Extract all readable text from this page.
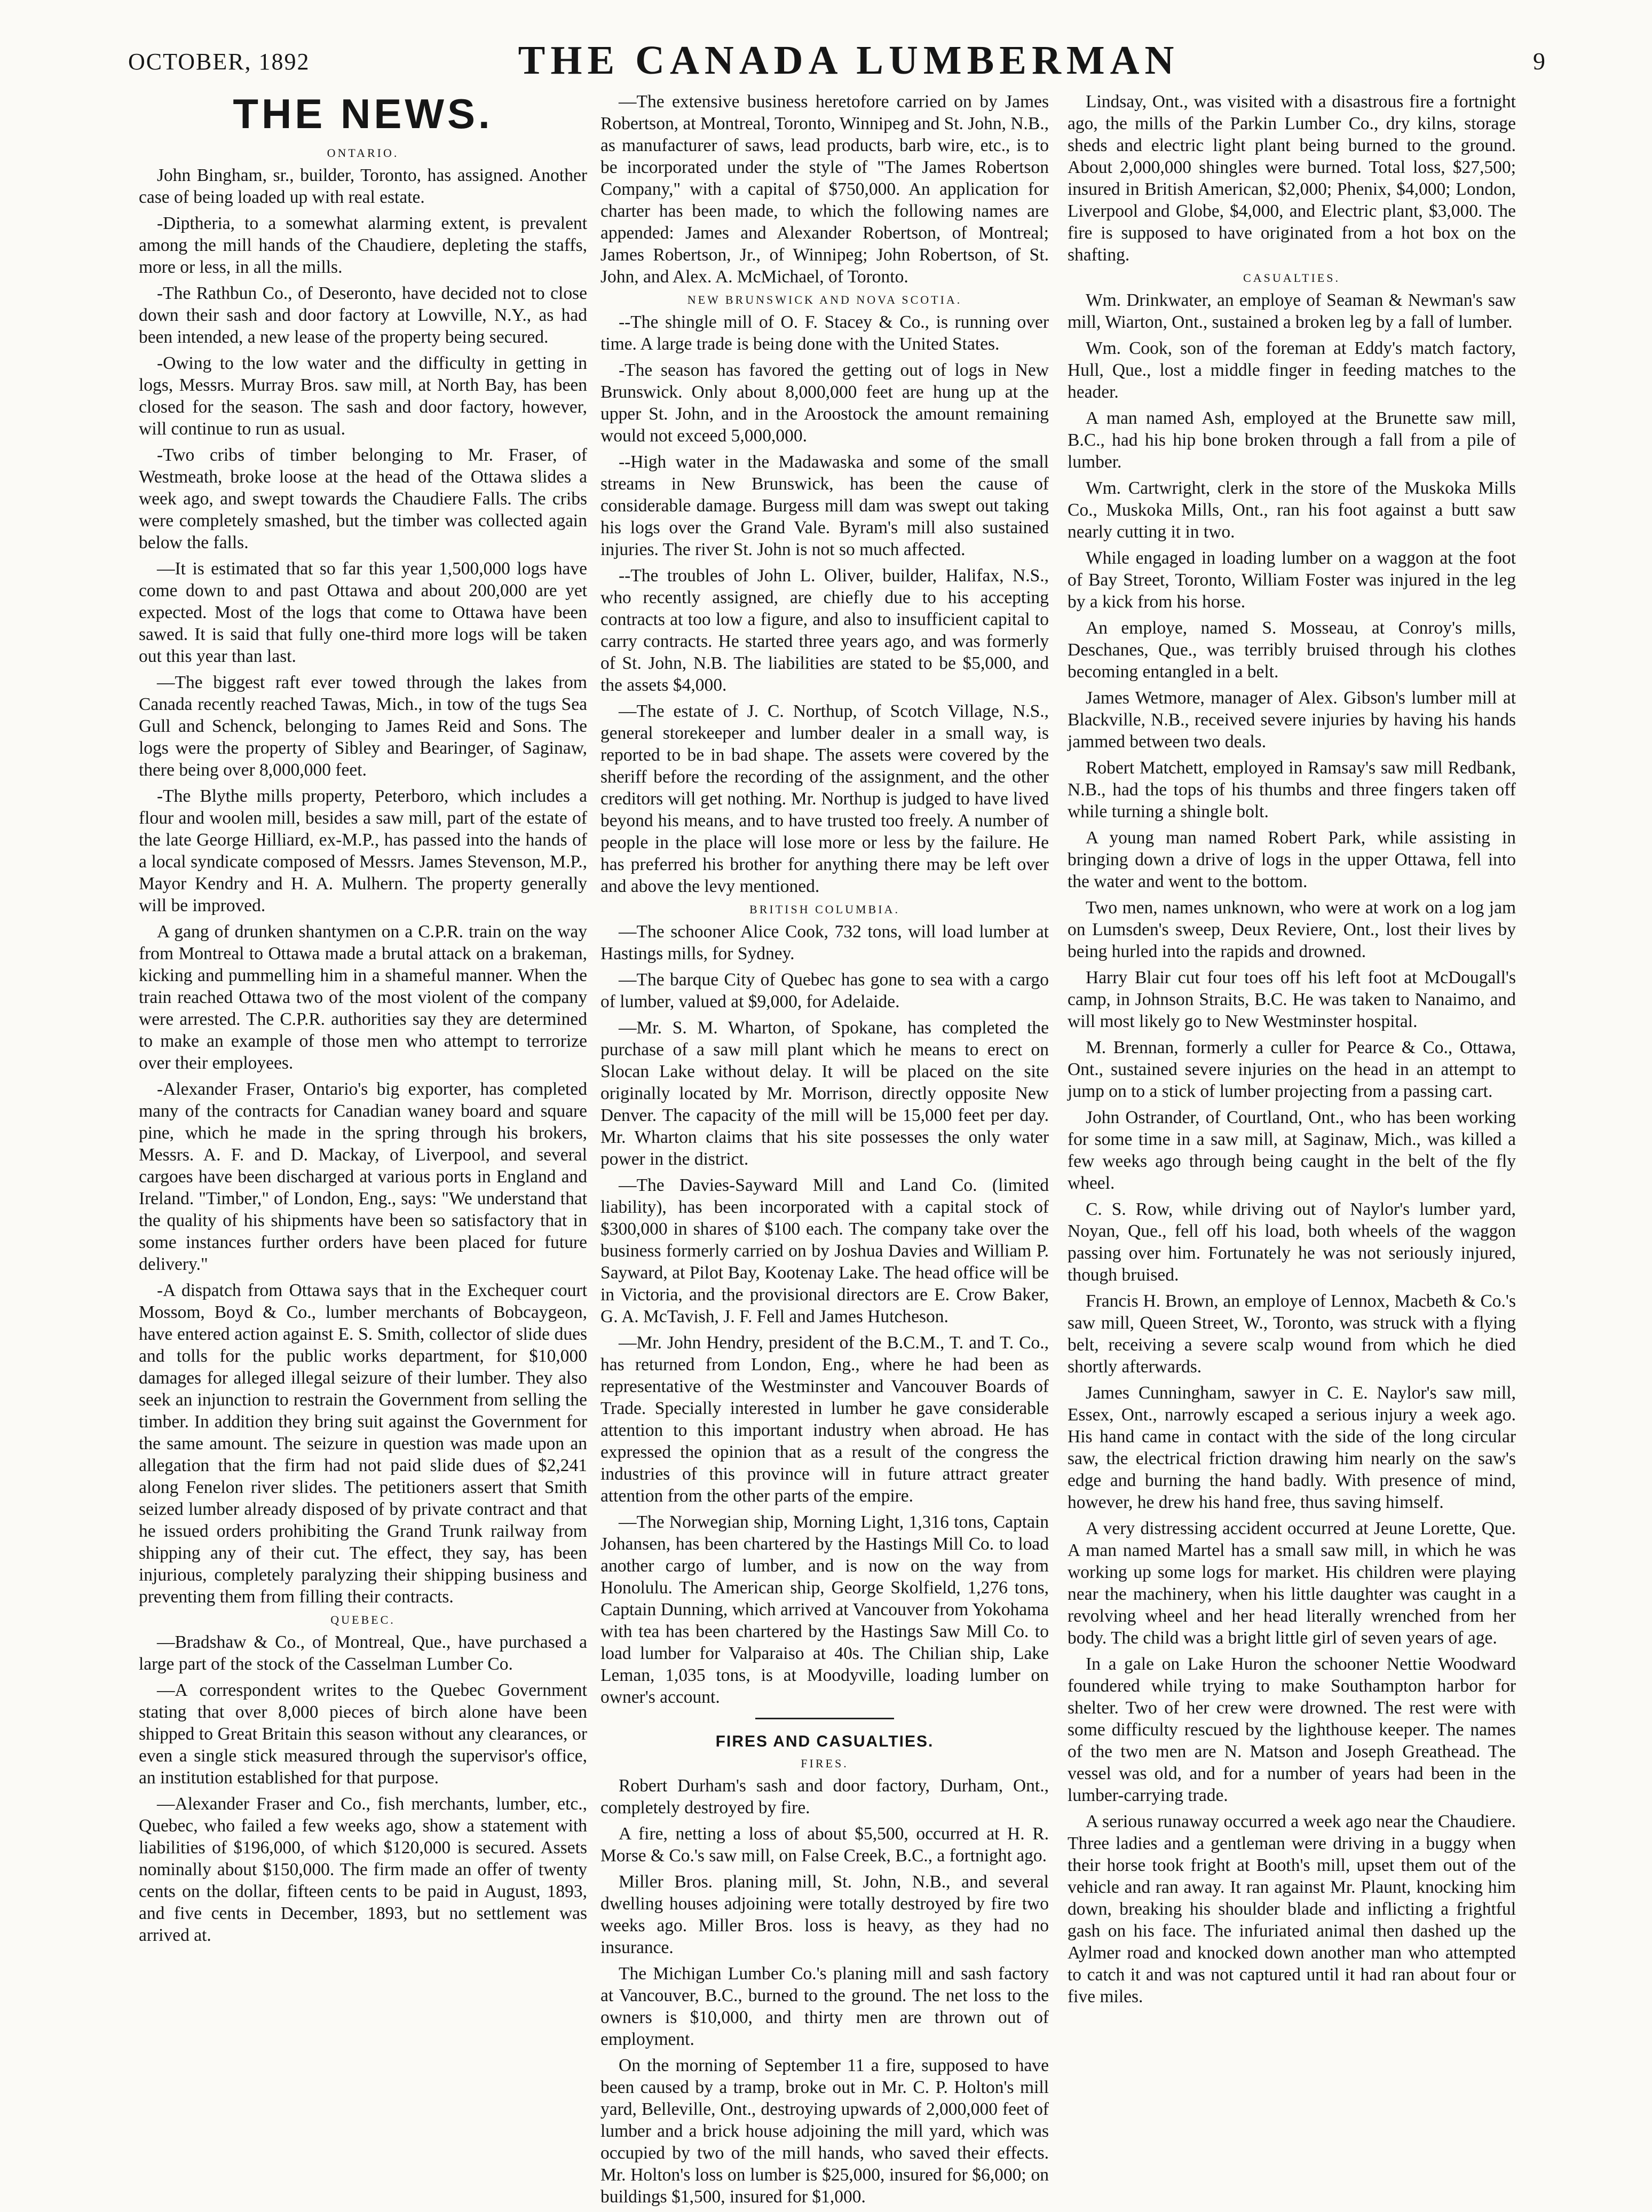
OCTOBER, 1892	THE CANADA LUMBERMAN	9
THE NEWS.
ONTARIO.

John Bingham, sr., builder, Toronto, has assigned. Another case of being loaded up with real estate.

-Diptheria, to a somewhat alarming extent, is prevalent among the mill hands of the Chaudiere, depleting the staffs, more or less, in all the mills.

-The Rathbun Co., of Deseronto, have decided not to close down their sash and door factory at Lowville, N.Y., as had been intended, a new lease of the property being secured.

-Owing to the low water and the difficulty in getting in logs, Messrs. Murray Bros. saw mill, at North Bay, has been closed for the season. The sash and door factory, however, will continue to run as usual.

-Two cribs of timber belonging to Mr. Fraser, of Westmeath, broke loose at the head of the Ottawa slides a week ago, and swept towards the Chaudiere Falls. The cribs were completely smashed, but the timber was collected again below the falls.

—It is estimated that so far this year 1,500,000 logs have come down to and past Ottawa and about 200,000 are yet expected. Most of the logs that come to Ottawa have been sawed. It is said that fully one-third more logs will be taken out this year than last.

—The biggest raft ever towed through the lakes from Canada recently reached Tawas, Mich., in tow of the tugs Sea Gull and Schenck, belonging to James Reid and Sons. The logs were the property of Sibley and Bearinger, of Saginaw, there being over 8,000,000 feet.

-The Blythe mills property, Peterboro, which includes a flour and woolen mill, besides a saw mill, part of the estate of the late George Hilliard, ex-M.P., has passed into the hands of a local syndicate composed of Messrs. James Stevenson, M.P., Mayor Kendry and H. A. Mulhern. The property generally will be improved.

A gang of drunken shantymen on a C.P.R. train on the way from Montreal to Ottawa made a brutal attack on a brakeman, kicking and pummelling him in a shameful manner. When the train reached Ottawa two of the most violent of the company were arrested. The C.P.R. authorities say they are determined to make an example of those men who attempt to terrorize over their employees.

-Alexander Fraser, Ontario's big exporter, has completed many of the contracts for Canadian waney board and square pine, which he made in the spring through his brokers, Messrs. A. F. and D. Mackay, of Liverpool, and several cargoes have been discharged at various ports in England and Ireland. "Timber," of London, Eng., says: "We understand that the quality of his shipments have been so satisfactory that in some instances further orders have been placed for future delivery."

-A dispatch from Ottawa says that in the Exchequer court Mossom, Boyd & Co., lumber merchants of Bobcaygeon, have entered action against E. S. Smith, collector of slide dues and tolls for the public works department, for $10,000 damages for alleged illegal seizure of their lumber. They also seek an injunction to restrain the Government from selling the timber. In addition they bring suit against the Government for the same amount. The seizure in question was made upon an allegation that the firm had not paid slide dues of $2,241 along Fenelon river slides. The petitioners assert that Smith seized lumber already disposed of by private contract and that he issued orders prohibiting the Grand Trunk railway from shipping any of their cut. The effect, they say, has been injurious, completely paralyzing their shipping business and preventing them from filling their contracts.

QUEBEC.

—Bradshaw & Co., of Montreal, Que., have purchased a large part of the stock of the Casselman Lumber Co.

—A correspondent writes to the Quebec Government stating that over 8,000 pieces of birch alone have been shipped to Great Britain this season without any clearances, or even a single stick measured through the supervisor's office, an institution established for that purpose.

—Alexander Fraser and Co., fish merchants, lumber, etc., Quebec, who failed a few weeks ago, show a statement with liabilities of $196,000, of which $120,000 is secured. Assets nominally about $150,000. The firm made an offer of twenty cents on the dollar, fifteen cents to be paid in August, 1893, and five cents in December, 1893, but no settlement was arrived at.

—The extensive business heretofore carried on by James Robertson, at Montreal, Toronto, Winnipeg and St. John, N.B., as manufacturer of saws, lead products, barb wire, etc., is to be incorporated under the style of "The James Robertson Company," with a capital of $750,000. An application for charter has been made, to which the following names are appended: James and Alexander Robertson, of Montreal; James Robertson, Jr., of Winnipeg; John Robertson, of St. John, and Alex. A. McMichael, of Toronto.

NEW BRUNSWICK AND NOVA SCOTIA.

--The shingle mill of O. F. Stacey & Co., is running over time. A large trade is being done with the United States.

-The season has favored the getting out of logs in New Brunswick. Only about 8,000,000 feet are hung up at the upper St. John, and in the Aroostock the amount remaining would not exceed 5,000,000.

--High water in the Madawaska and some of the small streams in New Brunswick, has been the cause of considerable damage. Burgess mill dam was swept out taking his logs over the Grand Vale. Byram's mill also sustained injuries. The river St. John is not so much affected.

--The troubles of John L. Oliver, builder, Halifax, N.S., who recently assigned, are chiefly due to his accepting contracts at too low a figure, and also to insufficient capital to carry contracts. He started three years ago, and was formerly of St. John, N.B. The liabilities are stated to be $5,000, and the assets $4,000.

—The estate of J. C. Northup, of Scotch Village, N.S., general storekeeper and lumber dealer in a small way, is reported to be in bad shape. The assets were covered by the sheriff before the recording of the assignment, and the other creditors will get nothing. Mr. Northup is judged to have lived beyond his means, and to have trusted too freely. A number of people in the place will lose more or less by the failure. He has preferred his brother for anything there may be left over and above the levy mentioned.

BRITISH COLUMBIA.

—The schooner Alice Cook, 732 tons, will load lumber at Hastings mills, for Sydney.

—The barque City of Quebec has gone to sea with a cargo of lumber, valued at $9,000, for Adelaide.

—Mr. S. M. Wharton, of Spokane, has completed the purchase of a saw mill plant which he means to erect on Slocan Lake without delay. It will be placed on the site originally located by Mr. Morrison, directly opposite New Denver. The capacity of the mill will be 15,000 feet per day. Mr. Wharton claims that his site possesses the only water power in the district.

—The Davies-Sayward Mill and Land Co. (limited liability), has been incorporated with a capital stock of $300,000 in shares of $100 each. The company take over the business formerly carried on by Joshua Davies and William P. Sayward, at Pilot Bay, Kootenay Lake. The head office will be in Victoria, and the provisional directors are E. Crow Baker, G. A. McTavish, J. F. Fell and James Hutcheson.

—Mr. John Hendry, president of the B.C.M., T. and T. Co., has returned from London, Eng., where he had been as representative of the Westminster and Vancouver Boards of Trade. Specially interested in lumber he gave considerable attention to this important industry when abroad. He has expressed the opinion that as a result of the congress the industries of this province will in future attract greater attention from the other parts of the empire.

—The Norwegian ship, Morning Light, 1,316 tons, Captain Johansen, has been chartered by the Hastings Mill Co. to load another cargo of lumber, and is now on the way from Honolulu. The American ship, George Skolfield, 1,276 tons, Captain Dunning, which arrived at Vancouver from Yokohama with tea has been chartered by the Hastings Saw Mill Co. to load lumber for Valparaiso at 40s. The Chilian ship, Lake Leman, 1,035 tons, is at Moodyville, loading lumber on owner's account.

FIRES AND CASUALTIES.
FIRES.

Robert Durham's sash and door factory, Durham, Ont., completely destroyed by fire.

A fire, netting a loss of about $5,500, occurred at H. R. Morse & Co.'s saw mill, on False Creek, B.C., a fortnight ago.

Miller Bros. planing mill, St. John, N.B., and several dwelling houses adjoining were totally destroyed by fire two weeks ago. Miller Bros. loss is heavy, as they had no insurance.

The Michigan Lumber Co.'s planing mill and sash factory at Vancouver, B.C., burned to the ground. The net loss to the owners is $10,000, and thirty men are thrown out of employment.

On the morning of September 11 a fire, supposed to have been caused by a tramp, broke out in Mr. C. P. Holton's mill yard, Belleville, Ont., destroying upwards of 2,000,000 feet of lumber and a brick house adjoining the mill yard, which was occupied by two of the mill hands, who saved their effects. Mr. Holton's loss on lumber is $25,000, insured for $6,000; on buildings $1,500, insured for $1,000.

Lindsay, Ont., was visited with a disastrous fire a fortnight ago, the mills of the Parkin Lumber Co., dry kilns, storage sheds and electric light plant being burned to the ground. About 2,000,000 shingles were burned. Total loss, $27,500; insured in British American, $2,000; Phenix, $4,000; London, Liverpool and Globe, $4,000, and Electric plant, $3,000. The fire is supposed to have originated from a hot box on the shafting.

CASUALTIES.

Wm. Drinkwater, an employe of Seaman & Newman's saw mill, Wiarton, Ont., sustained a broken leg by a fall of lumber.

Wm. Cook, son of the foreman at Eddy's match factory, Hull, Que., lost a middle finger in feeding matches to the header.

A man named Ash, employed at the Brunette saw mill, B.C., had his hip bone broken through a fall from a pile of lumber.

Wm. Cartwright, clerk in the store of the Muskoka Mills Co., Muskoka Mills, Ont., ran his foot against a butt saw nearly cutting it in two.

While engaged in loading lumber on a waggon at the foot of Bay Street, Toronto, William Foster was injured in the leg by a kick from his horse.

An employe, named S. Mosseau, at Conroy's mills, Deschanes, Que., was terribly bruised through his clothes becoming entangled in a belt.

James Wetmore, manager of Alex. Gibson's lumber mill at Blackville, N.B., received severe injuries by having his hands jammed between two deals.

Robert Matchett, employed in Ramsay's saw mill Redbank, N.B., had the tops of his thumbs and three fingers taken off while turning a shingle bolt.

A young man named Robert Park, while assisting in bringing down a drive of logs in the upper Ottawa, fell into the water and went to the bottom.

Two men, names unknown, who were at work on a log jam on Lumsden's sweep, Deux Reviere, Ont., lost their lives by being hurled into the rapids and drowned.

Harry Blair cut four toes off his left foot at McDougall's camp, in Johnson Straits, B.C. He was taken to Nanaimo, and will most likely go to New Westminster hospital.

M. Brennan, formerly a culler for Pearce & Co., Ottawa, Ont., sustained severe injuries on the head in an attempt to jump on to a stick of lumber projecting from a passing cart.

John Ostrander, of Courtland, Ont., who has been working for some time in a saw mill, at Saginaw, Mich., was killed a few weeks ago through being caught in the belt of the fly wheel.

C. S. Row, while driving out of Naylor's lumber yard, Noyan, Que., fell off his load, both wheels of the waggon passing over him. Fortunately he was not seriously injured, though bruised.

Francis H. Brown, an employe of Lennox, Macbeth & Co.'s saw mill, Queen Street, W., Toronto, was struck with a flying belt, receiving a severe scalp wound from which he died shortly afterwards.

James Cunningham, sawyer in C. E. Naylor's saw mill, Essex, Ont., narrowly escaped a serious injury a week ago. His hand came in contact with the side of the long circular saw, the electrical friction drawing him nearly on the saw's edge and burning the hand badly. With presence of mind, however, he drew his hand free, thus saving himself.

A very distressing accident occurred at Jeune Lorette, Que. A man named Martel has a small saw mill, in which he was working up some logs for market. His children were playing near the machinery, when his little daughter was caught in a revolving wheel and her head literally wrenched from her body. The child was a bright little girl of seven years of age.

In a gale on Lake Huron the schooner Nettie Woodward foundered while trying to make Southampton harbor for shelter. Two of her crew were drowned. The rest were with some difficulty rescued by the lighthouse keeper. The names of the two men are N. Matson and Joseph Greathead. The vessel was old, and for a number of years had been in the lumber-carrying trade.

A serious runaway occurred a week ago near the Chaudiere. Three ladies and a gentleman were driving in a buggy when their horse took fright at Booth's mill, upset them out of the vehicle and ran away. It ran against Mr. Plaunt, knocking him down, breaking his shoulder blade and inflicting a frightful gash on his face. The infuriated animal then dashed up the Aylmer road and knocked down another man who attempted to catch it and was not captured until it had ran about four or five miles.
